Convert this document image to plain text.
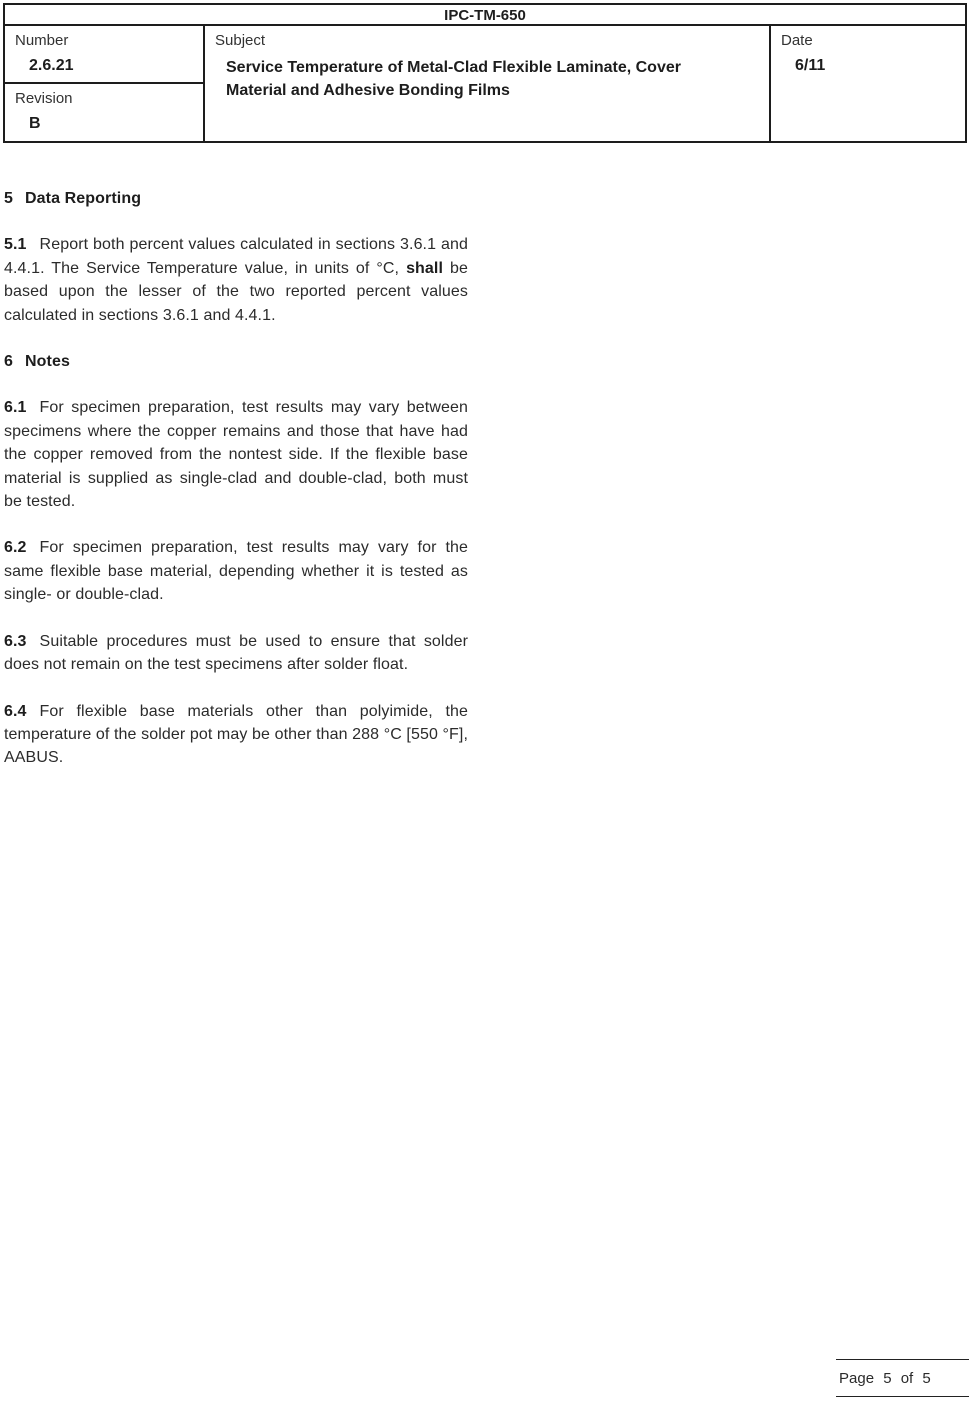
IPC-TM-650
Number
2.6.21
Revision
B
Subject
Service Temperature of Metal-Clad Flexible Laminate, Cover Material and Adhesive Bonding Films
Date
6/11
5 Data Reporting

5.1 Report both percent values calculated in sections 3.6.1 and 4.4.1. The Service Temperature value, in units of °C, shall be based upon the lesser of the two reported percent values calculated in sections 3.6.1 and 4.4.1.

6 Notes

6.1 For specimen preparation, test results may vary between specimens where the copper remains and those that have had the copper removed from the nontest side. If the flexible base material is supplied as single-clad and double-clad, both must be tested.

6.2 For specimen preparation, test results may vary for the same flexible base material, depending whether it is tested as single- or double-clad.

6.3 Suitable procedures must be used to ensure that solder does not remain on the test specimens after solder float.

6.4 For flexible base materials other than polyimide, the temperature of the solder pot may be other than 288 °C [550 °F], AABUS.

Page 5 of 5
